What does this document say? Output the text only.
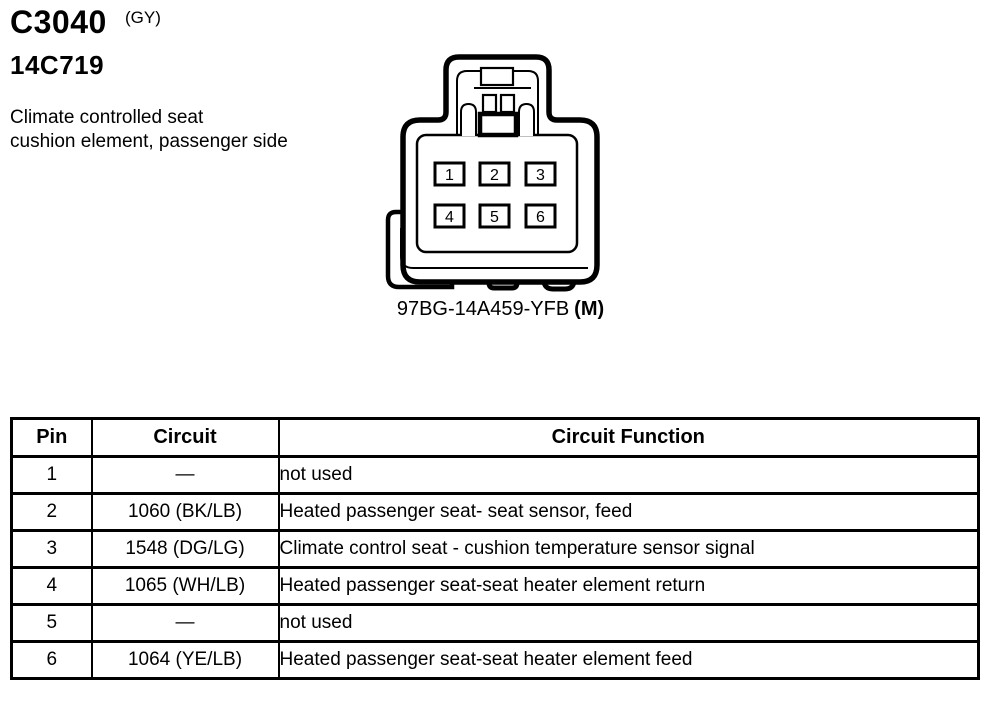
C3040 (GY)
14C719
Climate controlled seat
cushion element, passenger side
1 2 3
4 5 6
97BG-14A459-YFB (M)
Pin	Circuit	Circuit Function
1	—	not used
2	1060 (BK/LB)	Heated passenger seat- seat sensor, feed
3	1548 (DG/LG)	Climate control seat - cushion temperature sensor signal
4	1065 (WH/LB)	Heated passenger seat-seat heater element return
5	—	not used
6	1064 (YE/LB)	Heated passenger seat-seat heater element feed
